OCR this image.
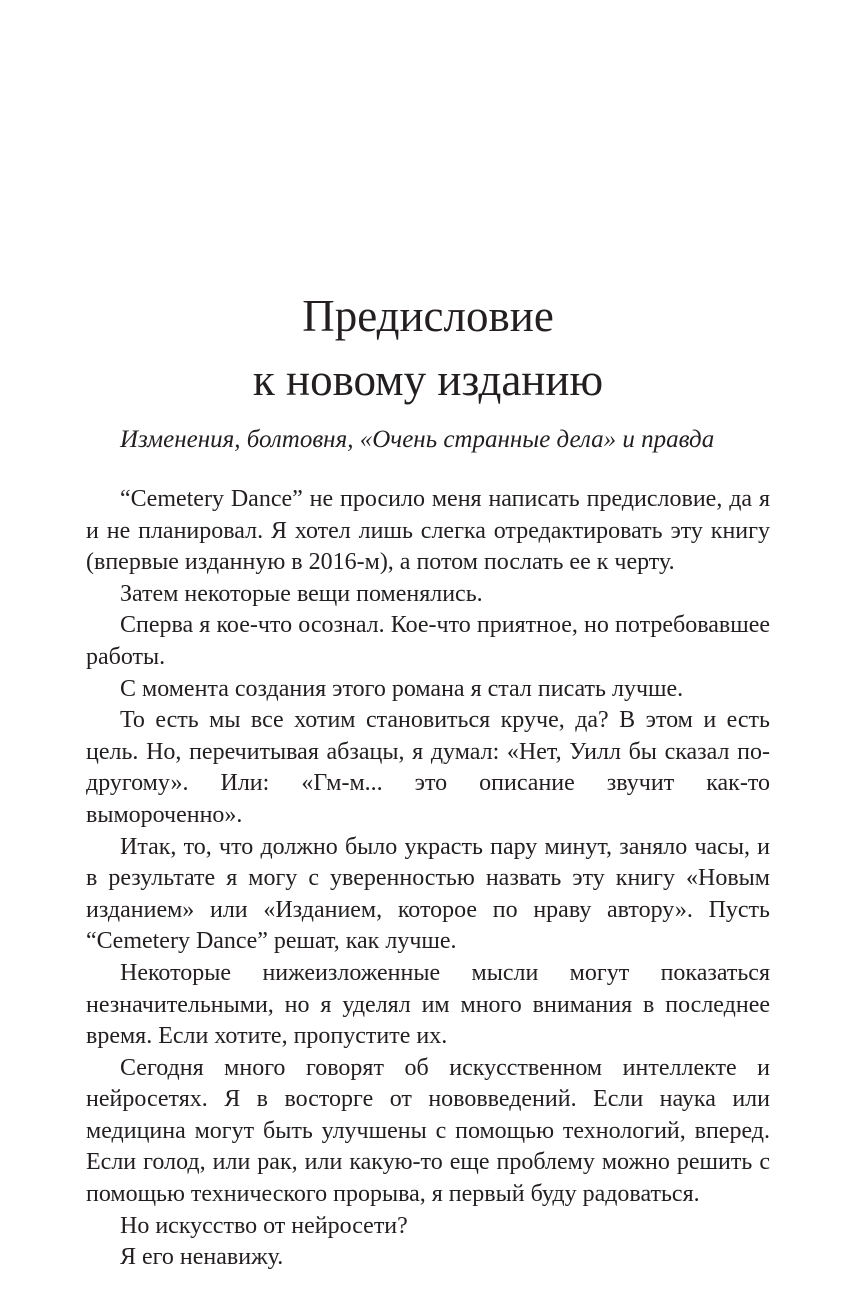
Предисловие
к новому изданию
Изменения, болтовня, «Очень странные дела» и правда

“Cemetery Dance” не просило меня написать предисловие, да я и не планировал. Я хотел лишь слегка отредактировать эту книгу (впервые изданную в 2016-м), а потом послать ее к черту.

Затем некоторые вещи поменялись.

Сперва я кое-что осознал. Кое-что приятное, но потребовавшее работы.

С момента создания этого романа я стал писать лучше.

То есть мы все хотим становиться круче, да? В этом и есть цель. Но, перечитывая абзацы, я думал: «Нет, Уилл бы сказал по-другому». Или: «Гм-м... это описание звучит как-то вымороченно».

Итак, то, что должно было украсть пару минут, заняло часы, и в результате я могу с уверенностью назвать эту книгу «Новым изданием» или «Изданием, которое по нраву автору». Пусть “Cemetery Dance” решат, как лучше.

Некоторые нижеизложенные мысли могут показаться незначительными, но я уделял им много внимания в последнее время. Если хотите, пропустите их.

Сегодня много говорят об искусственном интеллекте и нейросетях. Я в восторге от нововведений. Если наука или медицина могут быть улучшены с помощью технологий, вперед. Если голод, или рак, или какую-то еще проблему можно решить с помощью технического прорыва, я первый буду радоваться.

Но искусство от нейросети?

Я его ненавижу.
